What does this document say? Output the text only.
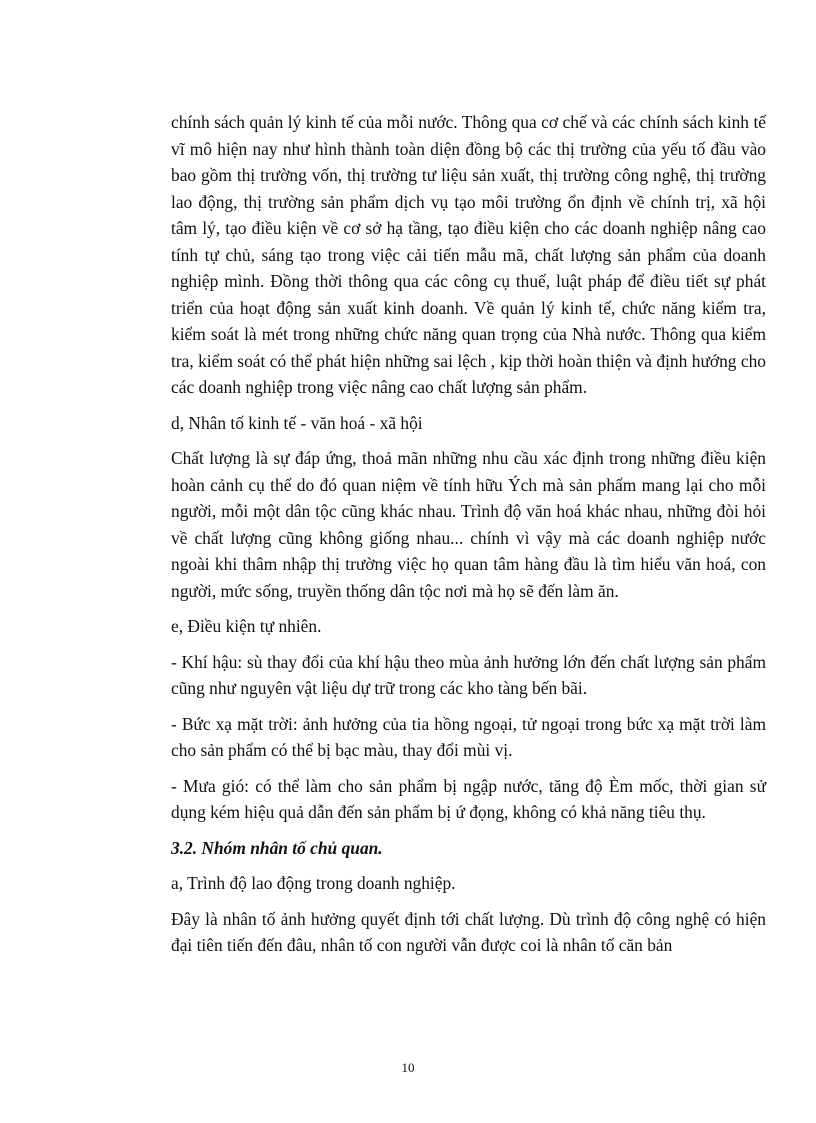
chính sách quản lý kinh tế của mỗi nước. Thông qua cơ chế và các chính sách kinh tế vĩ mô hiện nay như hình thành toàn diện đồng bộ các thị trường của yếu tố đầu vào bao gồm thị trường vốn, thị trường tư liệu sản xuất, thị trường công nghệ, thị trường lao động, thị trường sản phẩm dịch vụ tạo môi trường ổn định về chính trị, xã hội tâm lý, tạo điều kiện về cơ sở hạ tầng, tạo điều kiện cho các doanh nghiệp nâng cao tính tự chủ, sáng tạo trong việc cải tiến mẫu mã, chất lượng sản phẩm của doanh nghiệp mình. Đồng thời thông qua các công cụ thuế, luật pháp để điều tiết sự phát triển của hoạt động sản xuất kinh doanh. Về quản lý kinh tế, chức năng kiểm tra, kiểm soát là mét trong những chức năng quan trọng của Nhà nước. Thông qua kiểm tra, kiểm soát có thể phát hiện những sai lệch , kịp thời hoàn thiện và định hướng cho các doanh nghiệp trong việc nâng cao chất lượng sản phẩm.

d, Nhân tố kinh tế - văn hoá - xã hội

Chất lượng là sự đáp ứng, thoả mãn những nhu cầu xác định trong những điều kiện hoàn cảnh cụ thể do đó quan niệm về tính hữu Ých mà sản phẩm mang lại cho mỗi người, mỗi một dân tộc cũng khác nhau. Trình độ văn hoá khác nhau, những đòi hỏi về chất lượng cũng không giống nhau... chính vì vậy mà các doanh nghiệp nước ngoài khi thâm nhập thị trường việc họ quan tâm hàng đầu là tìm hiểu văn hoá, con người, mức sống, truyền thống dân tộc nơi mà họ sẽ đến làm ăn.

e, Điều kiện tự nhiên.

- Khí hậu: sù thay đổi của khí hậu theo mùa ảnh hưởng lớn đến chất lượng sản phẩm cũng như nguyên vật liệu dự trữ trong các kho tàng bến bãi.

- Bức xạ mặt trời: ảnh hưởng của tia hồng ngoại, tử ngoại trong bức xạ mặt trời làm cho sản phẩm có thể bị bạc màu, thay đổi mùi vị.

- Mưa gió: có thể làm cho sản phẩm bị ngập nước, tăng độ Èm mốc, thời gian sử dụng kém hiệu quả dẫn đến sản phẩm bị ứ đọng, không có khả năng tiêu thụ.

3.2. Nhóm nhân tố chủ quan.

a, Trình độ lao động trong doanh nghiệp.

Đây là nhân tố ảnh hưởng quyết định tới chất lượng. Dù trình độ công nghệ có hiện đại tiên tiến đến đâu, nhân tố con người vẫn được coi là nhân tố căn bản

10
